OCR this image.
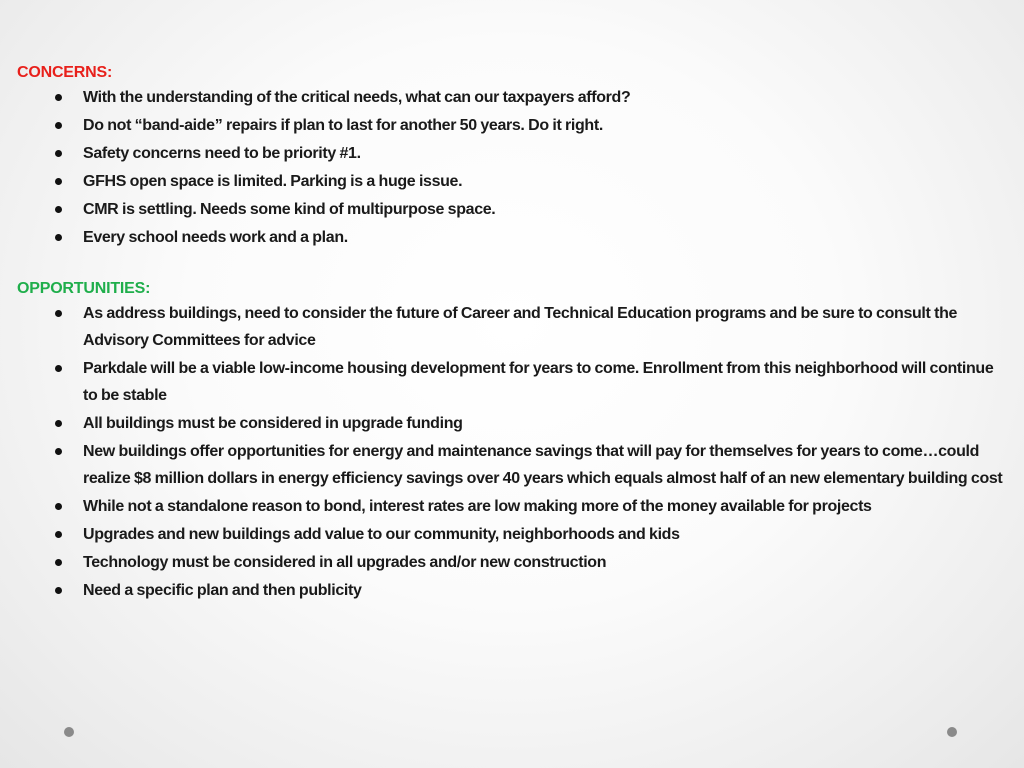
CONCERNS:
With the understanding of the critical needs, what can our taxpayers afford?
Do not “band-aide” repairs if plan to last for another 50 years. Do it right.
Safety concerns need to be priority #1.
GFHS open space is limited. Parking is a huge issue.
CMR is settling. Needs some kind of multipurpose space.
Every school needs work and a plan.
OPPORTUNITIES:
As address buildings, need to consider the future of Career and Technical Education programs and be sure to consult the Advisory Committees for advice
Parkdale will be a viable low-income housing development for years to come. Enrollment from this neighborhood will continue to be stable
All buildings must be considered in upgrade funding
New buildings offer opportunities for energy and maintenance savings that will pay for themselves for years to come…could realize $8 million dollars in energy efficiency savings over 40 years which equals almost half of an new elementary building cost
While not a standalone reason to bond, interest rates are low making more of the money available for projects
Upgrades and new buildings add value to our community, neighborhoods and kids
Technology must be considered in all upgrades and/or new construction
Need a specific plan and then publicity
